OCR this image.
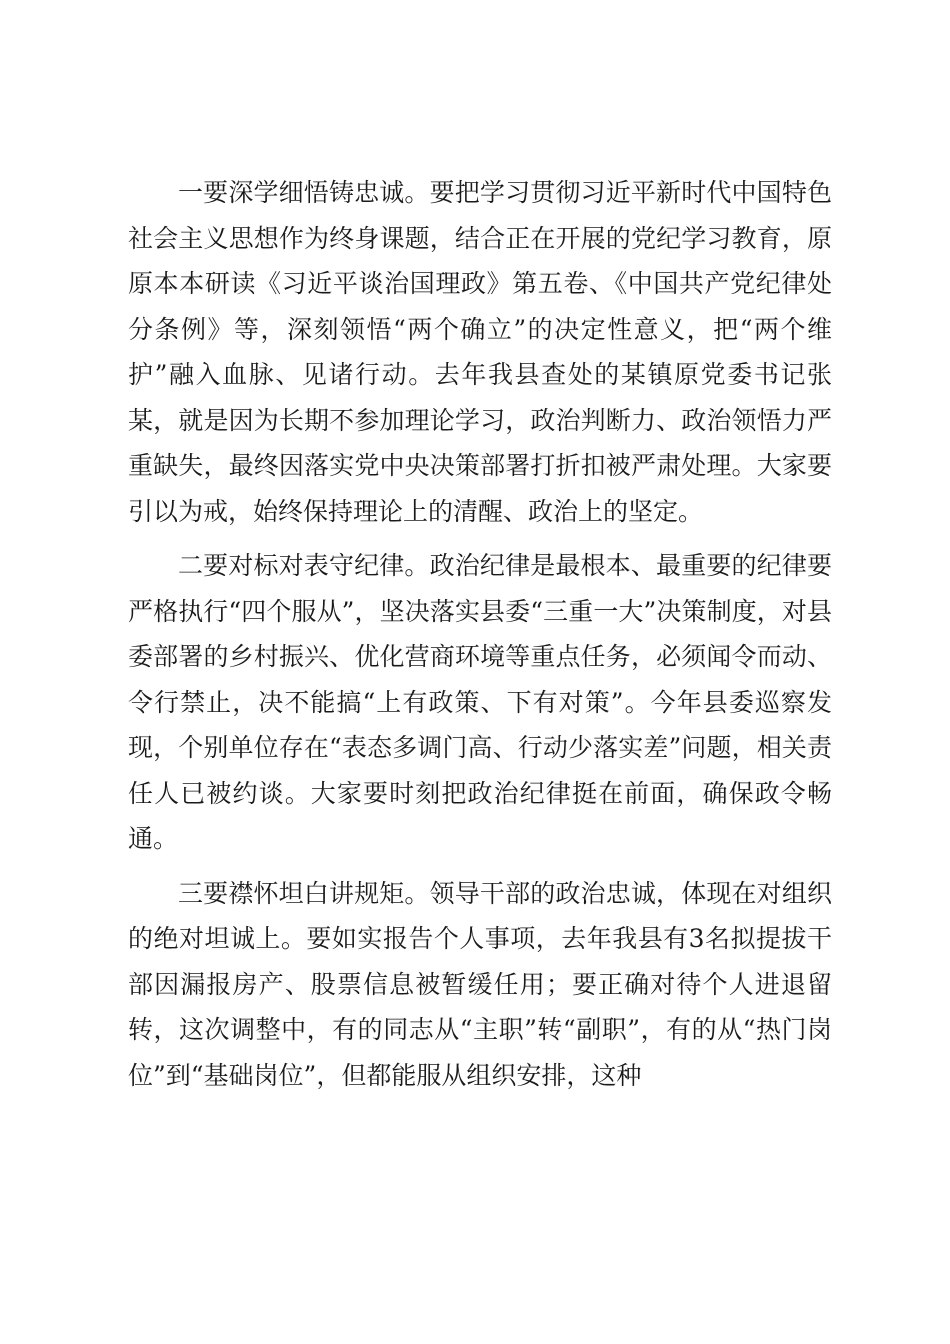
一要深学细悟铸忠诚。要把学习贯彻习近平新时代中国特色社会主义思想作为终身课题，结合正在开展的党纪学习教育，原原本本研读《习近平谈治国理政》第五卷、《中国共产党纪律处分条例》等，深刻领悟“两个确立”的决定性意义，把“两个维护”融入血脉、见诸行动。去年我县查处的某镇原党委书记张某，就是因为长期不参加理论学习，政治判断力、政治领悟力严重缺失，最终因落实党中央决策部署打折扣被严肃处理。大家要引以为戒，始终保持理论上的清醒、政治上的坚定。

二要对标对表守纪律。政治纪律是最根本、最重要的纪律要严格执行“四个服从”，坚决落实县委“三重一大”决策制度，对县委部署的乡村振兴、优化营商环境等重点任务，必须闻令而动、令行禁止，决不能搞“上有政策、下有对策”。今年县委巡察发现，个别单位存在“表态多调门高、行动少落实差”问题，相关责任人已被约谈。大家要时刻把政治纪律挺在前面，确保政令畅通。

三要襟怀坦白讲规矩。领导干部的政治忠诚，体现在对组织的绝对坦诚上。要如实报告个人事项，去年我县有3名拟提拔干部因漏报房产、股票信息被暂缓任用；要正确对待个人进退留转，这次调整中，有的同志从“主职”转“副职”，有的从“热门岗位”到“基础岗位”，但都能服从组织安排，这种
